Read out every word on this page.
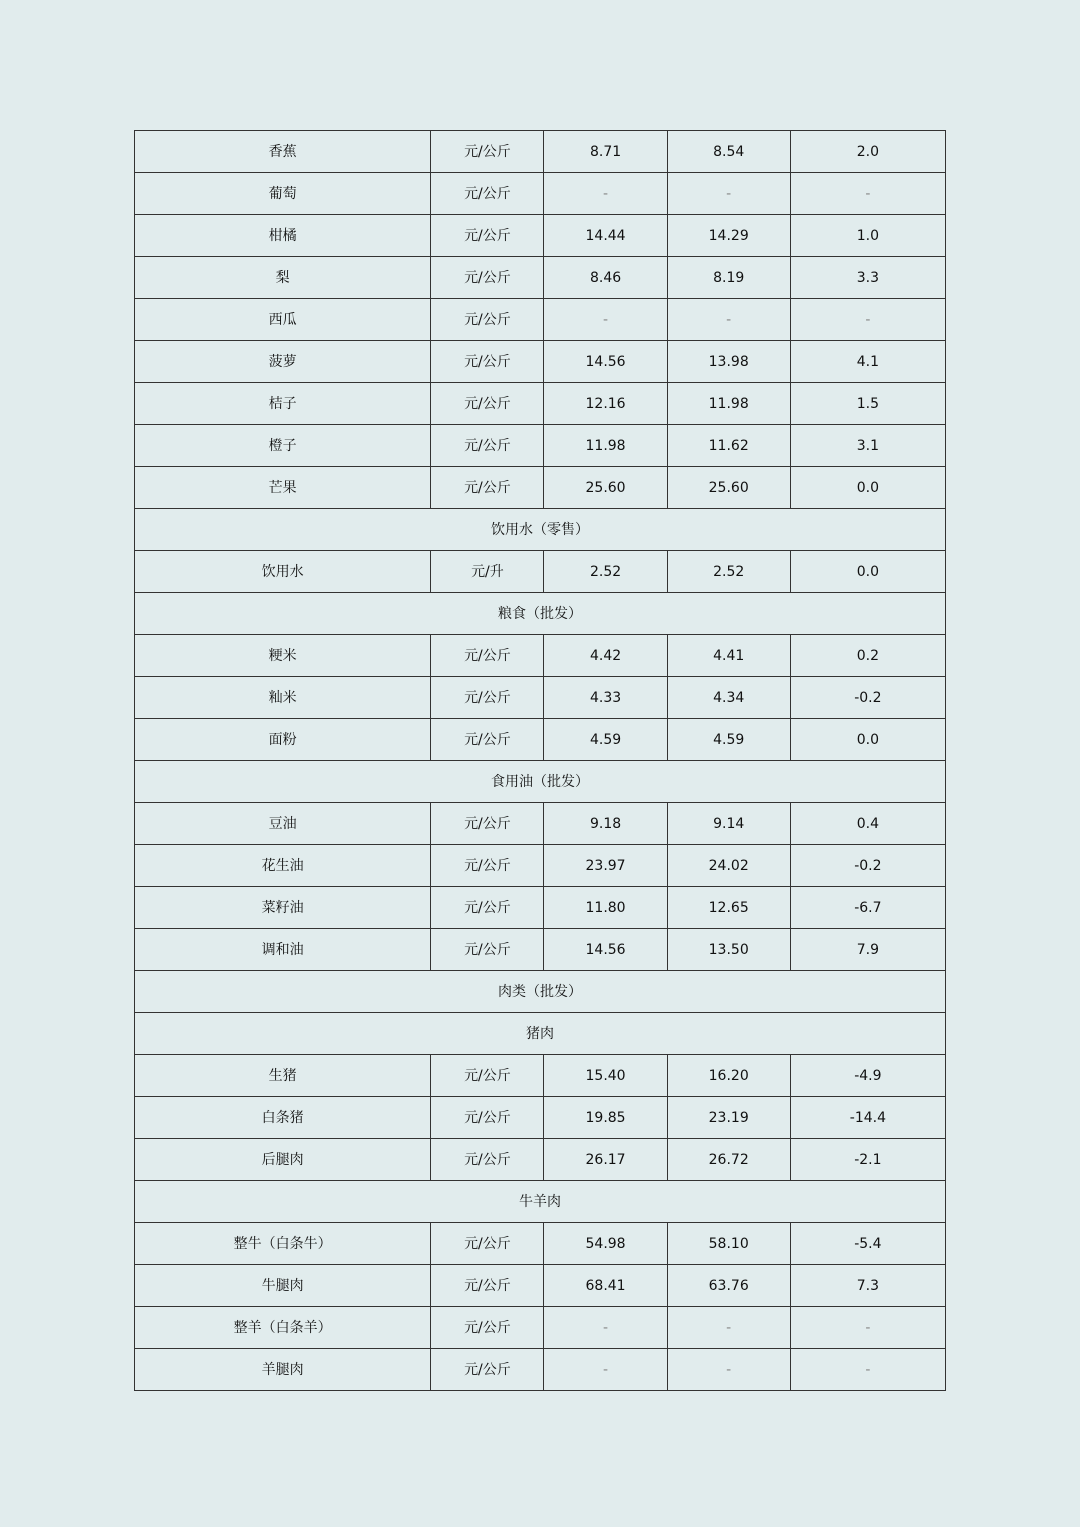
香蕉	元/公斤	8.71	8.54	2.0
葡萄	元/公斤	-	-	-
柑橘	元/公斤	14.44	14.29	1.0
梨	元/公斤	8.46	8.19	3.3
西瓜	元/公斤	-	-	-
菠萝	元/公斤	14.56	13.98	4.1
桔子	元/公斤	12.16	11.98	1.5
橙子	元/公斤	11.98	11.62	3.1
芒果	元/公斤	25.60	25.60	0.0
饮用水（零售）				
饮用水	元/升	2.52	2.52	0.0
粮食（批发）				
粳米	元/公斤	4.42	4.41	0.2
籼米	元/公斤	4.33	4.34	-0.2
面粉	元/公斤	4.59	4.59	0.0
食用油（批发）				
豆油	元/公斤	9.18	9.14	0.4
花生油	元/公斤	23.97	24.02	-0.2
菜籽油	元/公斤	11.80	12.65	-6.7
调和油	元/公斤	14.56	13.50	7.9
肉类（批发）				
猪肉				
生猪	元/公斤	15.40	16.20	-4.9
白条猪	元/公斤	19.85	23.19	-14.4
后腿肉	元/公斤	26.17	26.72	-2.1
牛羊肉				
整牛（白条牛）	元/公斤	54.98	58.10	-5.4
牛腿肉	元/公斤	68.41	63.76	7.3
整羊（白条羊）	元/公斤	-	-	-
羊腿肉	元/公斤	-	-	-
